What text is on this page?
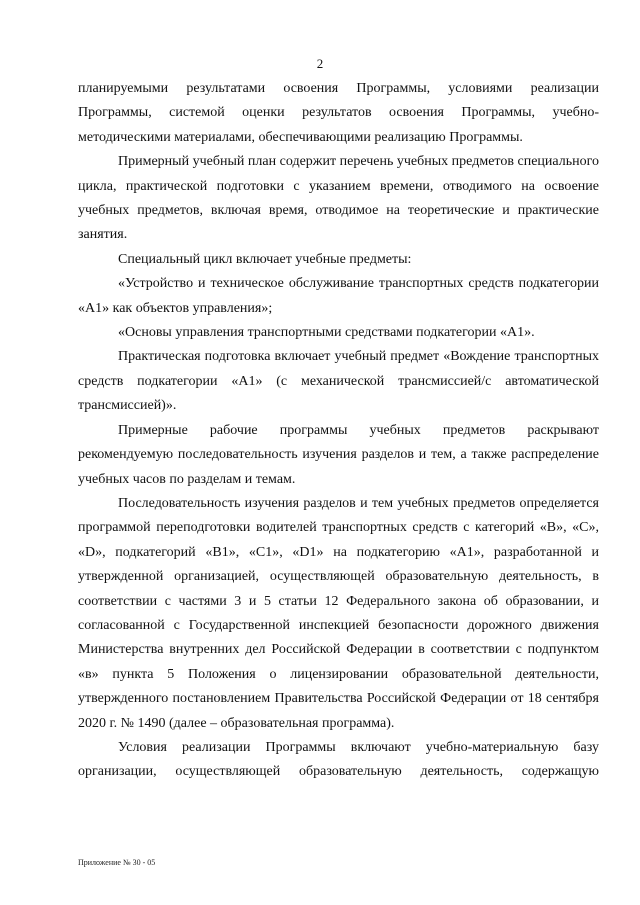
2

планируемыми результатами освоения Программы, условиями реализации Программы, системой оценки результатов освоения Программы, учебно-методическими материалами, обеспечивающими реализацию Программы.

Примерный учебный план содержит перечень учебных предметов специального цикла, практической подготовки с указанием времени, отводимого на освоение учебных предметов, включая время, отводимое на теоретические и практические занятия.

Специальный цикл включает учебные предметы:

«Устройство и техническое обслуживание транспортных средств подкатегории «A1» как объектов управления»;

«Основы управления транспортными средствами подкатегории «A1».

Практическая подготовка включает учебный предмет «Вождение транспортных средств подкатегории «A1» (с механической трансмиссией/с автоматической трансмиссией)».

Примерные рабочие программы учебных предметов раскрывают рекомендуемую последовательность изучения разделов и тем, а также распределение учебных часов по разделам и темам.

Последовательность изучения разделов и тем учебных предметов определяется программой переподготовки водителей транспортных средств с категорий «B», «C», «D», подкатегорий «B1», «C1», «D1» на подкатегорию «A1», разработанной и утвержденной организацией, осуществляющей образовательную деятельность, в соответствии с частями 3 и 5 статьи 12 Федерального закона об образовании, и согласованной с Государственной инспекцией безопасности дорожного движения Министерства внутренних дел Российской Федерации в соответствии с подпунктом «в» пункта 5 Положения о лицензировании образовательной деятельности, утвержденного постановлением Правительства Российской Федерации от 18 сентября 2020 г. № 1490 (далее – образовательная программа).

Условия реализации Программы включают учебно-материальную базу организации, осуществляющей образовательную деятельность, содержащую

Приложение № 30 - 05
